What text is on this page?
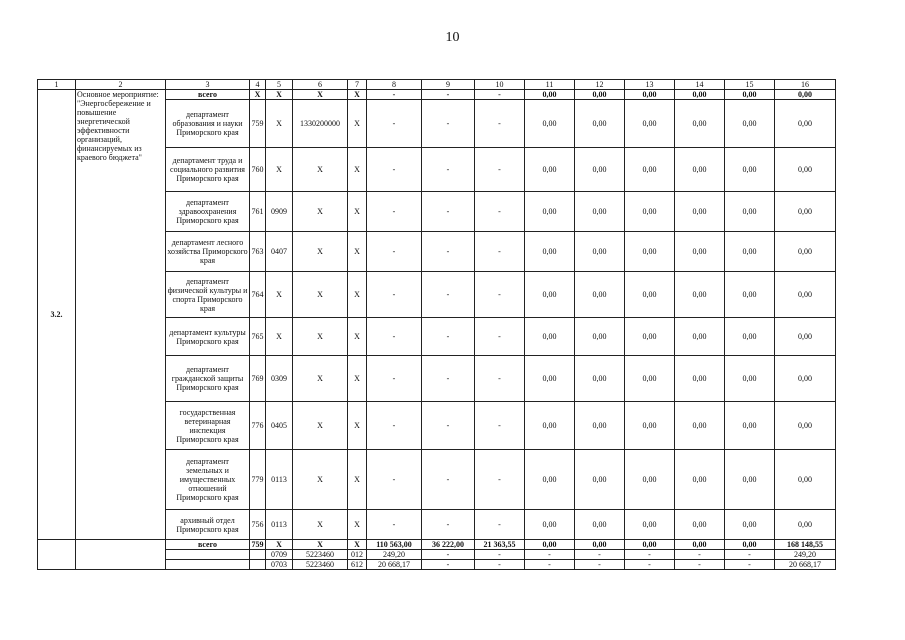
10
1	2	3	4	5	6	7	8	9	10	11	12	13	14	15	16
3.2.	Основное мероприятие: "Энергосбережение и повышение энергетической эффективности организаций, финансируемых из краевого бюджета"	всего	X	X	X	X	-	-	-	0,00	0,00	0,00	0,00	0,00	0,00
		департамент образования и науки Приморского края	759	X	1330200000	X	-	-	-	0,00	0,00	0,00	0,00	0,00	0,00
		департамент труда и социального развития Приморского края	760	X	X	X	-	-	-	0,00	0,00	0,00	0,00	0,00	0,00
		департамент здравоохранения Приморского края	761	0909	X	X	-	-	-	0,00	0,00	0,00	0,00	0,00	0,00
		департамент лесного хозяйства Приморского края	763	0407	X	X	-	-	-	0,00	0,00	0,00	0,00	0,00	0,00
		департамент физической культуры и спорта Приморского края	764	X	X	X	-	-	-	0,00	0,00	0,00	0,00	0,00	0,00
		департамент культуры Приморского края	765	X	X	X	-	-	-	0,00	0,00	0,00	0,00	0,00	0,00
		департамент гражданской защиты Приморского края	769	0309	X	X	-	-	-	0,00	0,00	0,00	0,00	0,00	0,00
		государственная ветеринарная инспекция Приморского края	776	0405	X	X	-	-	-	0,00	0,00	0,00	0,00	0,00	0,00
		департамент земельных и имущественных отношений Приморского края	779	0113	X	X	-	-	-	0,00	0,00	0,00	0,00	0,00	0,00
		архивный отдел Приморского края	756	0113	X	X	-	-	-	0,00	0,00	0,00	0,00	0,00	0,00
		всего	759	X	X	X	110 563,00	36 222,00	21 363,55	0,00	0,00	0,00	0,00	0,00	168 148,55
				0709	5223460	012	249,20	-	-	-	-	-	-	-	249,20
				0703	5223460	612	20 668,17	-	-	-	-	-	-	-	20 668,17
